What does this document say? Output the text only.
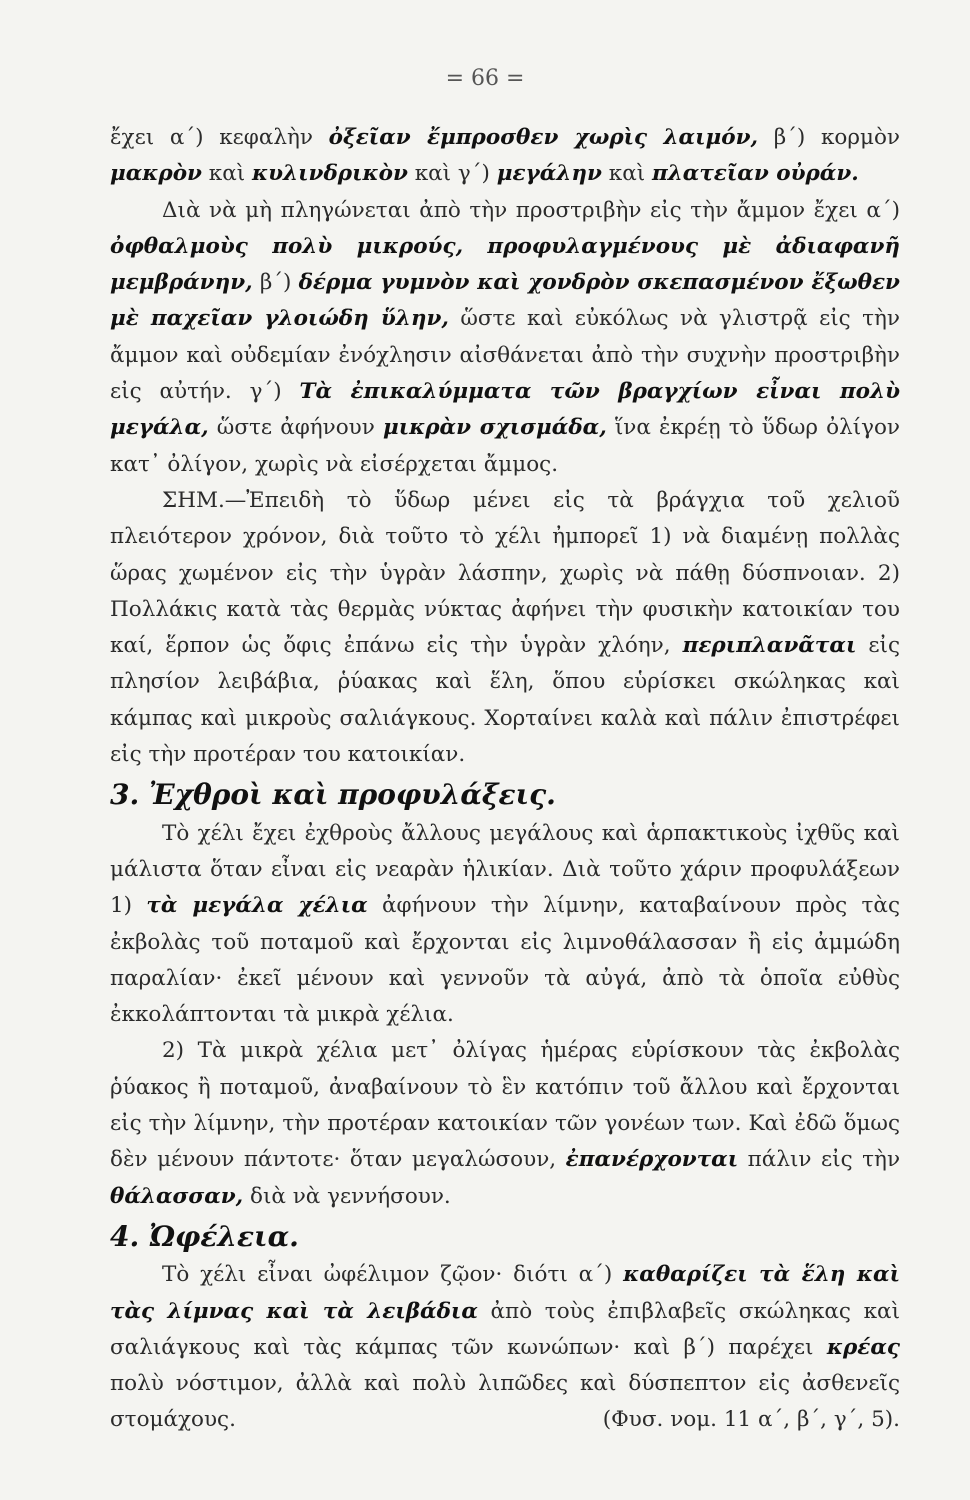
= 66 =

ἔχει α΄) κεφαλὴν ὀξεῖαν ἔμπροσθεν χωρὶς λαιμόν, β΄) κορμὸν μακρὸν καὶ κυλινδρικὸν καὶ γ΄) μεγάλην καὶ πλατεῖαν οὐράν.

Διὰ νὰ μὴ πληγώνεται ἀπὸ τὴν προστριβὴν εἰς τὴν ἄμμον ἔχει α΄) ὀφθαλμοὺς πολὺ μικρούς, προφυλαγμένους μὲ ἀδιαφανῆ μεμβράνην, β΄) δέρμα γυμνὸν καὶ χονδρὸν σκεπασμένον ἔξωθεν μὲ παχεῖαν γλοιώδη ὕλην, ὥστε καὶ εὐκόλως νὰ γλιστρᾷ εἰς τὴν ἄμμον καὶ οὐδεμίαν ἐνόχλησιν αἰσθάνεται ἀπὸ τὴν συχνὴν προστριβὴν εἰς αὐτήν. γ΄) Τὰ ἐπικαλύμματα τῶν βραγχίων εἶναι πολὺ μεγάλα, ὥστε ἀφήνουν μικρὰν σχισμάδα, ἵνα ἐκρέῃ τὸ ὕδωρ ὀλίγον κατ᾽ ὀλίγον, χωρὶς νὰ εἰσέρχεται ἄμμος.

ΣΗΜ.—Ἐπειδὴ τὸ ὕδωρ μένει εἰς τὰ βράγχια τοῦ χελιοῦ πλειότερον χρόνον, διὰ τοῦτο τὸ χέλι ἠμπορεῖ 1) νὰ διαμένῃ πολλὰς ὥρας χωμένον εἰς τὴν ὑγρὰν λάσπην, χωρὶς νὰ πάθῃ δύσπνοιαν. 2) Πολλάκις κατὰ τὰς θερμὰς νύκτας ἀφήνει τὴν φυσικὴν κατοικίαν του καί, ἕρπον ὡς ὄφις ἐπάνω εἰς τὴν ὑγρὰν χλόην, περιπλανᾶται εἰς πλησίον λειβάβια, ῥύακας καὶ ἕλη, ὅπου εὑρίσκει σκώληκας καὶ κάμπας καὶ μικροὺς σαλιάγκους. Χορταίνει καλὰ καὶ πάλιν ἐπιστρέφει εἰς τὴν προτέραν του κατοικίαν.

3. Ἐχθροὶ καὶ προφυλάξεις.

Τὸ χέλι ἔχει ἐχθροὺς ἄλλους μεγάλους καὶ ἁρπακτικοὺς ἰχθῦς καὶ μάλιστα ὅταν εἶναι εἰς νεαρὰν ἡλικίαν. Διὰ τοῦτο χάριν προφυλάξεων 1) τὰ μεγάλα χέλια ἀφήνουν τὴν λίμνην, καταβαίνουν πρὸς τὰς ἐκβολὰς τοῦ ποταμοῦ καὶ ἔρχονται εἰς λιμνοθάλασσαν ἢ εἰς ἀμμώδη παραλίαν· ἐκεῖ μένουν καὶ γεννοῦν τὰ αὐγά, ἀπὸ τὰ ὁποῖα εὐθὺς ἐκκολάπτονται τὰ μικρὰ χέλια.

2) Τὰ μικρὰ χέλια μετ᾽ ὀλίγας ἡμέρας εὑρίσκουν τὰς ἐκβολὰς ῥύακος ἢ ποταμοῦ, ἀναβαίνουν τὸ ἓν κατόπιν τοῦ ἄλλου καὶ ἔρχονται εἰς τὴν λίμνην, τὴν προτέραν κατοικίαν τῶν γονέων των. Καὶ ἐδῶ ὅμως δὲν μένουν πάντοτε· ὅταν μεγαλώσουν, ἐπανέρχονται πάλιν εἰς τὴν θάλασσαν, διὰ νὰ γεννήσουν.

4. Ὠφέλεια.

Τὸ χέλι εἶναι ὠφέλιμον ζῷον· διότι α΄) καθαρίζει τὰ ἕλη καὶ τὰς λίμνας καὶ τὰ λειβάδια ἀπὸ τοὺς ἐπιβλαβεῖς σκώληκας καὶ σαλιάγκους καὶ τὰς κάμπας τῶν κωνώπων· καὶ β΄) παρέχει κρέας πολὺ νόστιμον, ἀλλὰ καὶ πολὺ λιπῶδες καὶ δύσπεπτον εἰς ἀσθενεῖς στομάχους.	(Φυσ. νομ. 11 α΄, β΄, γ΄, 5).
